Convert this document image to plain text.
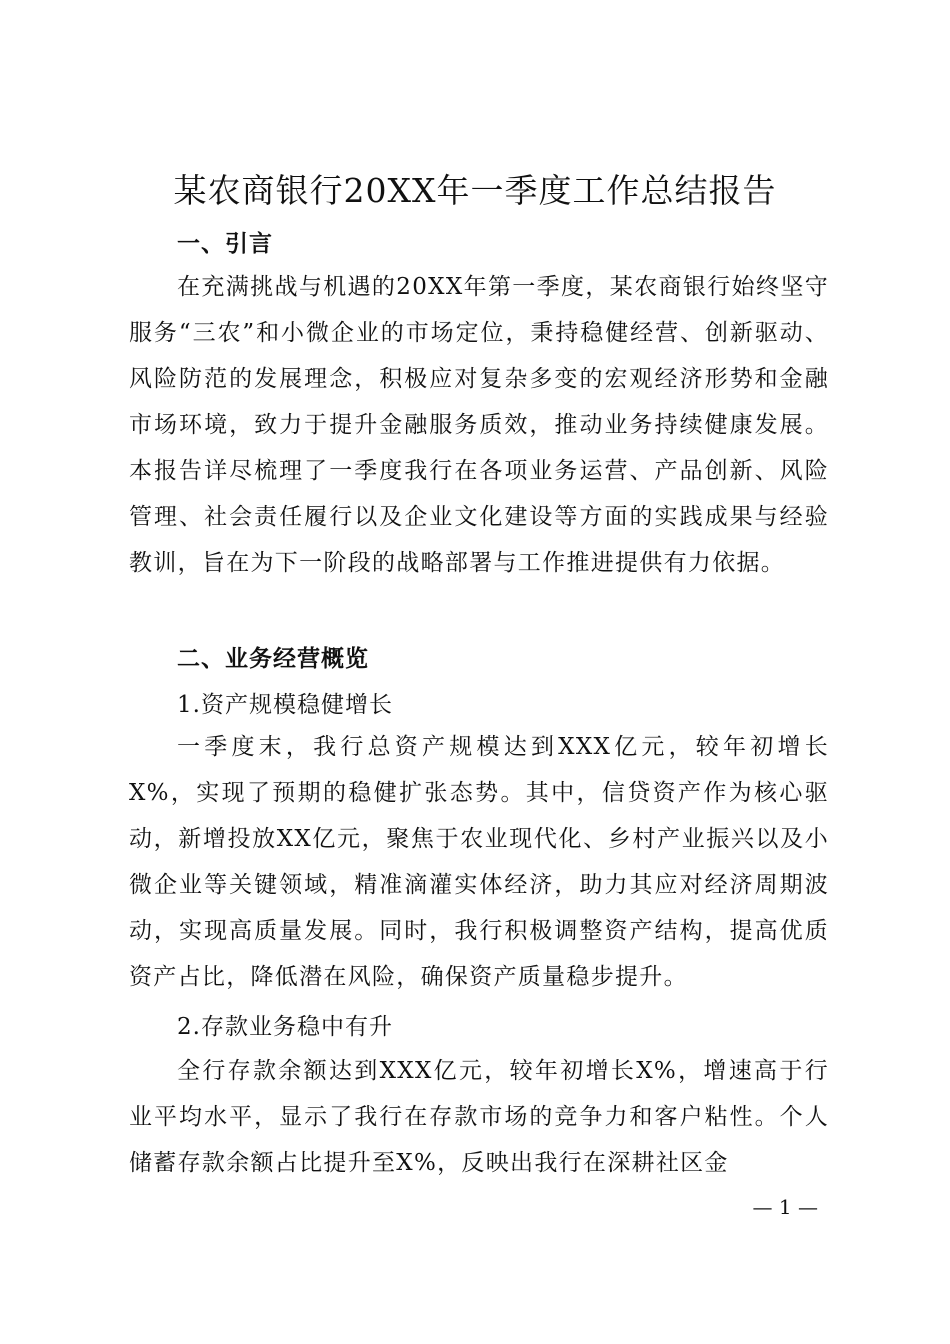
某农商银行20XX年一季度工作总结报告
一、引言

在充满挑战与机遇的20XX年第一季度，某农商银行始终坚守服务“三农”和小微企业的市场定位，秉持稳健经营、创新驱动、风险防范的发展理念，积极应对复杂多变的宏观经济形势和金融市场环境，致力于提升金融服务质效，推动业务持续健康发展。本报告详尽梳理了一季度我行在各项业务运营、产品创新、风险管理、社会责任履行以及企业文化建设等方面的实践成果与经验教训，旨在为下一阶段的战略部署与工作推进提供有力依据。

二、业务经营概览
1.资产规模稳健增长

一季度末，我行总资产规模达到XXX亿元，较年初增长X%，实现了预期的稳健扩张态势。其中，信贷资产作为核心驱动，新增投放XX亿元，聚焦于农业现代化、乡村产业振兴以及小微企业等关键领域，精准滴灌实体经济，助力其应对经济周期波动，实现高质量发展。同时，我行积极调整资产结构，提高优质资产占比，降低潜在风险，确保资产质量稳步提升。

2.存款业务稳中有升

全行存款余额达到XXX亿元，较年初增长X%，增速高于行业平均水平，显示了我行在存款市场的竞争力和客户粘性。个人储蓄存款余额占比提升至X%，反映出我行在深耕社区金

— 1 —
